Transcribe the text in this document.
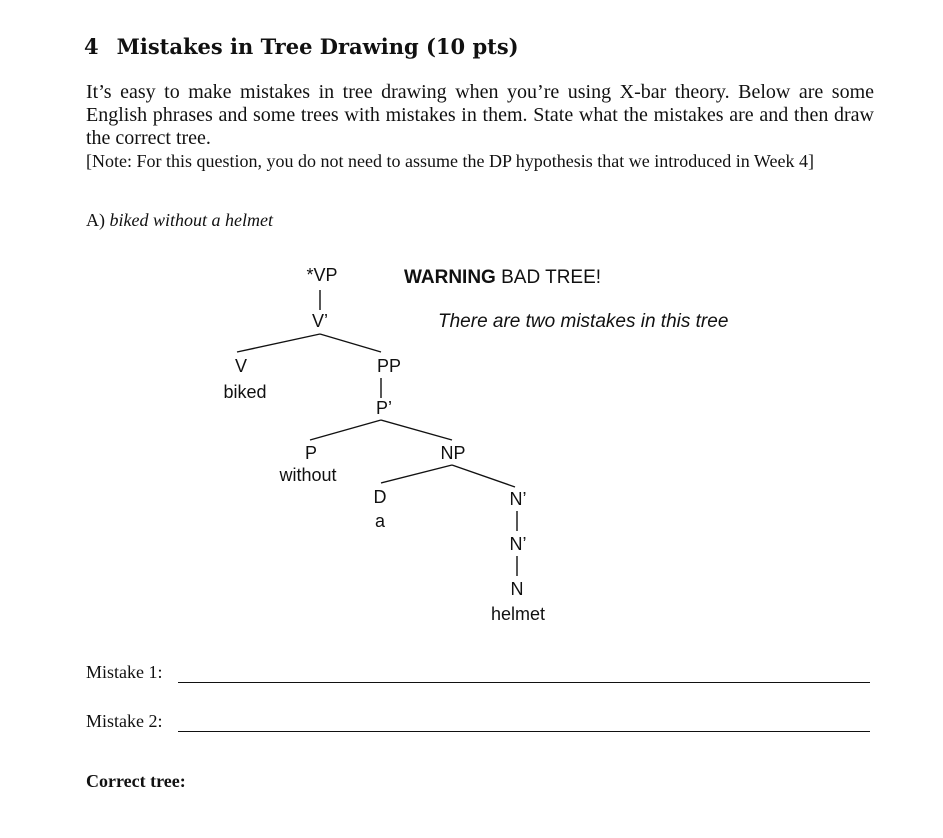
4 Mistakes in Tree Drawing (10 pts)
It’s easy to make mistakes in tree drawing when you’re using X-bar theory. Below are some English phrases and some trees with mistakes in them. State what the mistakes are and then draw the correct tree.
[Note: For this question, you do not need to assume the DP hypothesis that we introduced in Week 4]
A) biked without a helmet
*VP
V’
V
biked
PP
P’
P
without
NP
D
a
N’
N’
N
helmet
WARNING BAD TREE!
There are two mistakes in this tree
Mistake 1:
Mistake 2:
Correct tree:
